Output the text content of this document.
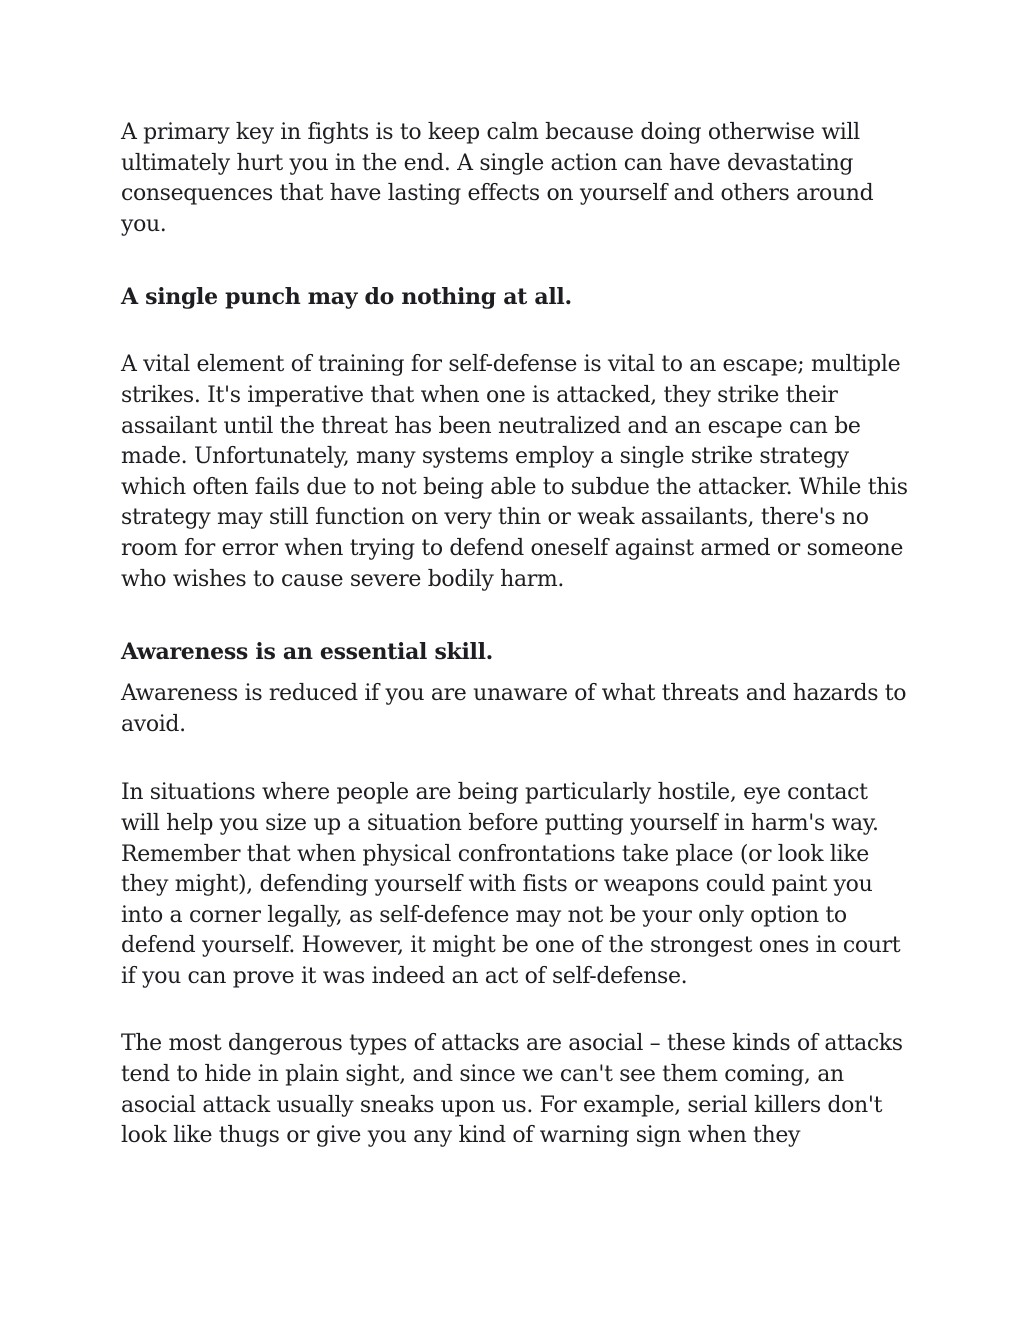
A primary key in fights is to keep calm because doing otherwise will ultimately hurt you in the end. A single action can have devastating consequences that have lasting effects on yourself and others around you.

A single punch may do nothing at all.

A vital element of training for self-defense is vital to an escape; multiple strikes. It's imperative that when one is attacked, they strike their assailant until the threat has been neutralized and an escape can be made. Unfortunately, many systems employ a single strike strategy which often fails due to not being able to subdue the attacker. While this strategy may still function on very thin or weak assailants, there's no room for error when trying to defend oneself against armed or someone who wishes to cause severe bodily harm.

Awareness is an essential skill.

Awareness is reduced if you are unaware of what threats and hazards to avoid.

In situations where people are being particularly hostile, eye contact will help you size up a situation before putting yourself in harm's way. Remember that when physical confrontations take place (or look like they might), defending yourself with fists or weapons could paint you into a corner legally, as self-defence may not be your only option to defend yourself. However, it might be one of the strongest ones in court if you can prove it was indeed an act of self-defense.

The most dangerous types of attacks are asocial – these kinds of attacks tend to hide in plain sight, and since we can't see them coming, an asocial attack usually sneaks upon us. For example, serial killers don't look like thugs or give you any kind of warning sign when they
